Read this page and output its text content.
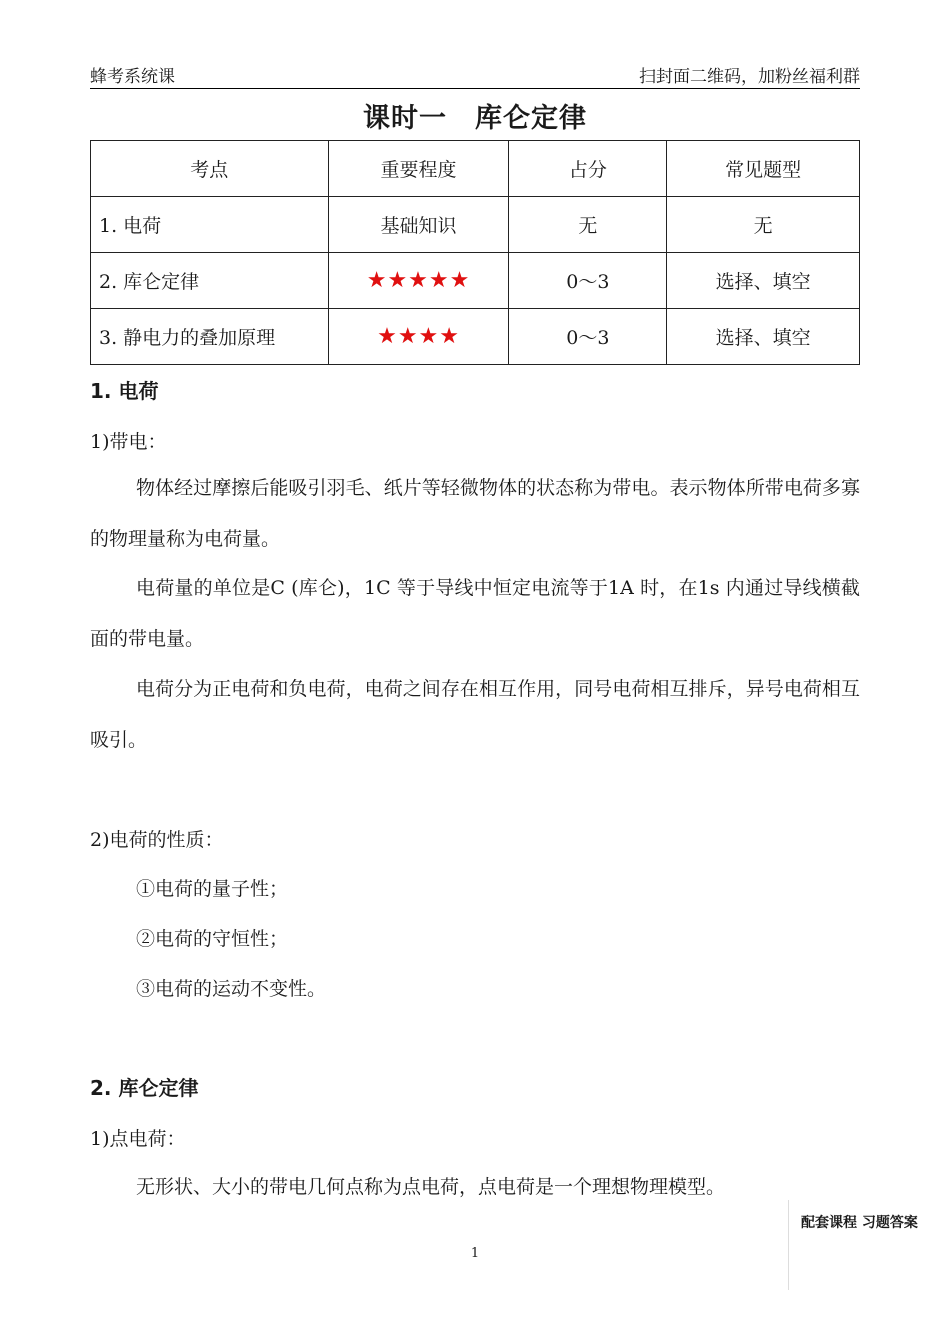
蜂考系统课	扫封面二维码，加粉丝福利群
课时一　库仑定律
考点	重要程度	占分	常见题型
1. 电荷	基础知识	无	无
2. 库仑定律	★★★★★	0～3	选择、填空
3. 静电力的叠加原理	★★★★	0～3	选择、填空
1. 电荷
1)带电：
物体经过摩擦后能吸引羽毛、纸片等轻微物体的状态称为带电。表示物体所带电荷多寡的物理量称为电荷量。
电荷量的单位是C (库仑)，1C 等于导线中恒定电流等于1A 时，在1s 内通过导线横截面的带电量。
电荷分为正电荷和负电荷，电荷之间存在相互作用，同号电荷相互排斥，异号电荷相互吸引。
2)电荷的性质：
①电荷的量子性；
②电荷的守恒性；
③电荷的运动不变性。
2. 库仑定律
1)点电荷：
无形状、大小的带电几何点称为点电荷，点电荷是一个理想物理模型。
配套课程 习题答案
1
